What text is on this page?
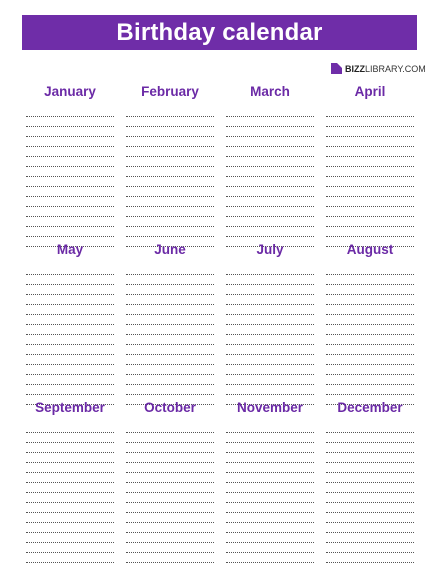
Birthday calendar
BIZZLIBRARY.COM
January	February	March	April
May	June	July	August
September	October	November	December
